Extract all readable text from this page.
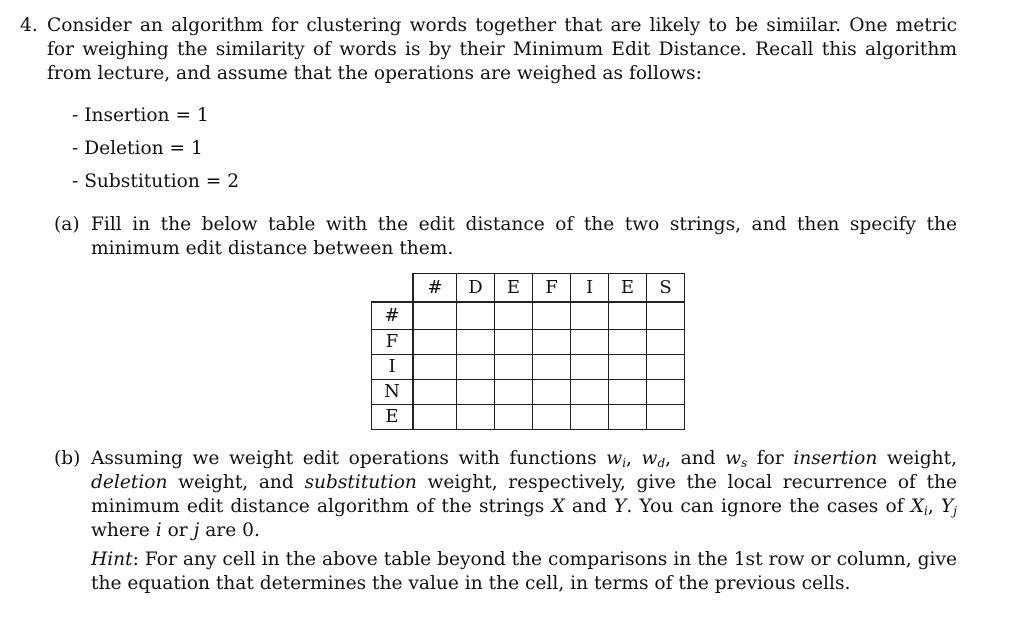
4. Consider an algorithm for clustering words together that are likely to be simiilar. One metric for weighing the similarity of words is by their Minimum Edit Distance. Recall this algorithm from lecture, and assume that the operations are weighed as follows:
- Insertion = 1
- Deletion = 1
- Substitution = 2
(a) Fill in the below table with the edit distance of the two strings, and then specify the minimum edit distance between them.
	#	D	E	F	I	E	S
#							
F							
I							
N							
E							
(b) Assuming we weight edit operations with functions $w_i$, $w_d$, and $w_s$ for insertion weight, deletion weight, and substitution weight, respectively, give the local recurrence of the minimum edit distance algorithm of the strings X and Y. You can ignore the cases of $X_i$, $Y_j$ where i or j are 0.
Hint: For any cell in the above table beyond the comparisons in the 1st row or column, give the equation that determines the value in the cell, in terms of the previous cells.
